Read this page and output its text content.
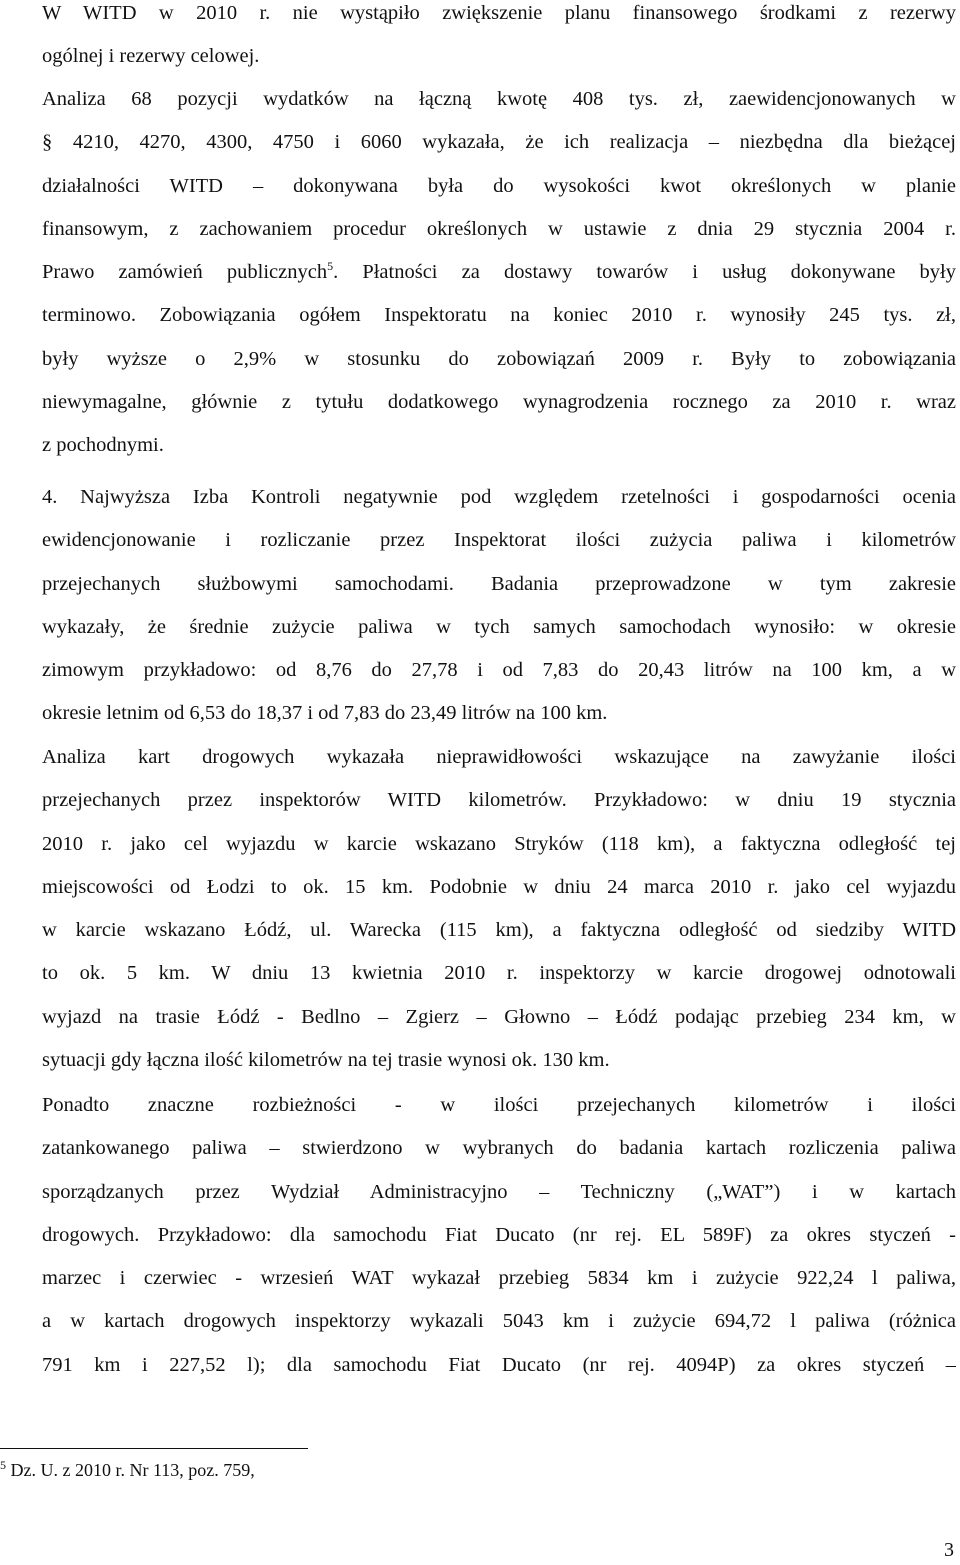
W WITD w 2010 r. nie wystąpiło zwiększenie planu finansowego środkami z rezerwy
ogólnej i rezerwy celowej.
Analiza 68 pozycji wydatków na łączną kwotę 408 tys. zł, zaewidencjonowanych w
§ 4210, 4270, 4300, 4750 i 6060 wykazała, że ich realizacja – niezbędna dla bieżącej
działalności WITD – dokonywana była do wysokości kwot określonych w planie
finansowym, z zachowaniem procedur określonych w ustawie z dnia 29 stycznia 2004 r.
Prawo zamówień publicznych$^5$. Płatności za dostawy towarów i usług dokonywane były
terminowo. Zobowiązania ogółem Inspektoratu na koniec 2010 r. wynosiły 245 tys. zł,
były wyższe o 2,9% w stosunku do zobowiązań 2009 r. Były to zobowiązania
niewymagalne, głównie z tytułu dodatkowego wynagrodzenia rocznego za 2010 r. wraz
z pochodnymi.
4. Najwyższa Izba Kontroli negatywnie pod względem rzetelności i gospodarności ocenia
ewidencjonowanie i rozliczanie przez Inspektorat ilości zużycia paliwa i kilometrów
przejechanych służbowymi samochodami. Badania przeprowadzone w tym zakresie
wykazały, że średnie zużycie paliwa w tych samych samochodach wynosiło: w okresie
zimowym przykładowo: od 8,76 do 27,78 i od 7,83 do 20,43 litrów na 100 km, a w
okresie letnim od 6,53 do 18,37 i od 7,83 do 23,49 litrów na 100 km.
Analiza kart drogowych wykazała nieprawidłowości wskazujące na zawyżanie ilości
przejechanych przez inspektorów WITD kilometrów. Przykładowo: w dniu 19 stycznia
2010 r. jako cel wyjazdu w karcie wskazano Stryków (118 km), a faktyczna odległość tej
miejscowości od Łodzi to ok. 15 km. Podobnie w dniu 24 marca 2010 r. jako cel wyjazdu
w karcie wskazano Łódź, ul. Warecka (115 km), a faktyczna odległość od siedziby WITD
to ok. 5 km. W dniu 13 kwietnia 2010 r. inspektorzy w karcie drogowej odnotowali
wyjazd na trasie Łódź - Bedlno – Zgierz – Głowno – Łódź podając przebieg 234 km, w
sytuacji gdy łączna ilość kilometrów na tej trasie wynosi ok. 130 km.
Ponadto znaczne rozbieżności - w ilości przejechanych kilometrów i ilości
zatankowanego paliwa – stwierdzono w wybranych do badania kartach rozliczenia paliwa
sporządzanych przez Wydział Administracyjno – Techniczny („WAT”) i w kartach
drogowych. Przykładowo: dla samochodu Fiat Ducato (nr rej. EL 589F) za okres styczeń -
marzec i czerwiec - wrzesień WAT wykazał przebieg 5834 km i zużycie 922,24 l paliwa,
a w kartach drogowych inspektorzy wykazali 5043 km i zużycie 694,72 l paliwa (różnica
791 km i 227,52 l); dla samochodu Fiat Ducato (nr rej. 4094P) za okres styczeń –
$^5$ Dz. U. z 2010 r. Nr 113, poz. 759,
3
